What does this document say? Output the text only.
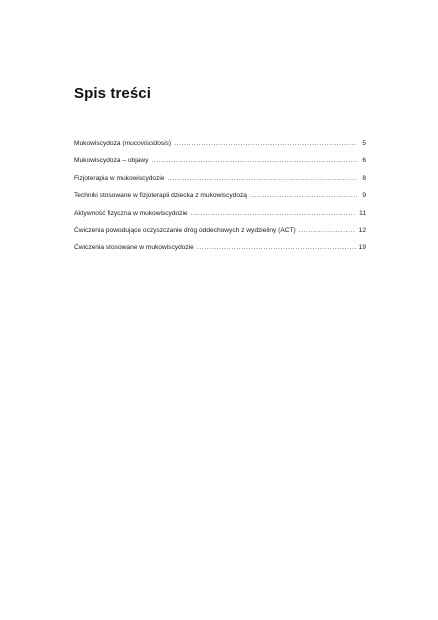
Spis treści
Mukowiscydoza (mucoviscidosis) . . .	5
Mukowiscydoza – objawy . . .	6
Fizjoterapia w mukowiscydozie . . .	8
Techniki stosowane w fizjoterapii dziecka z mukowiscydozą . . .	9
Aktywność fizyczna w mukowiscydozie . . .	11
Ćwiczenia powodujące oczyszczanie dróg oddechowych z wydzieliny (ACT) . . .	12
Ćwiczenia stosowane w mukowiscydozie . . .	19
